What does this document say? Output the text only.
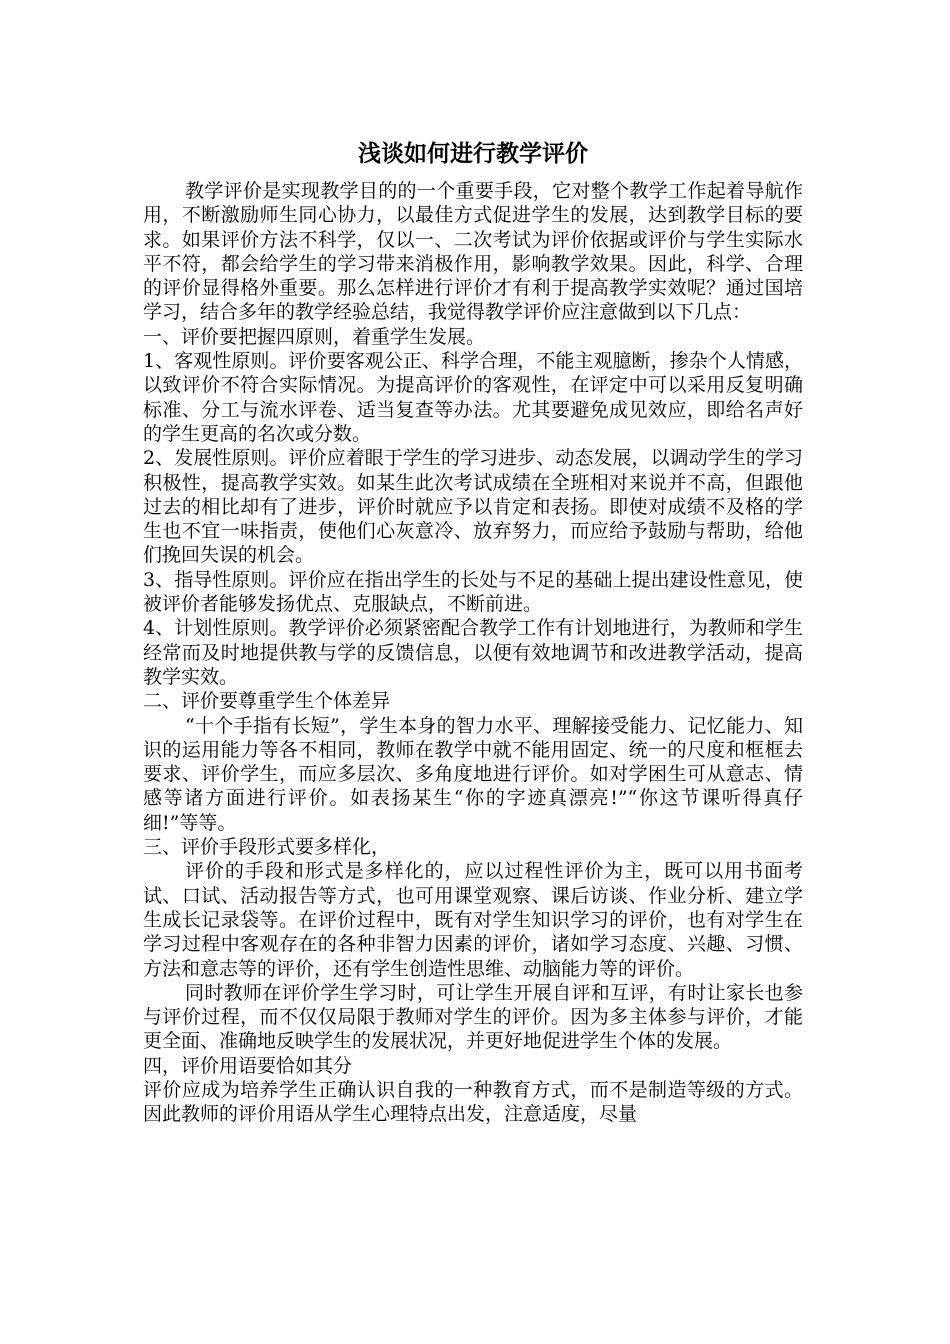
浅谈如何进行教学评价

教学评价是实现教学目的的一个重要手段，它对整个教学工作起着导航作用，不断激励师生同心协力，以最佳方式促进学生的发展，达到教学目标的要求。如果评价方法不科学，仅以一、二次考试为评价依据或评价与学生实际水平不符，都会给学生的学习带来消极作用，影响教学效果。因此，科学、合理的评价显得格外重要。那么怎样进行评价才有利于提高教学实效呢？通过国培学习，结合多年的教学经验总结，我觉得教学评价应注意做到以下几点：

一、评价要把握四原则，着重学生发展。

1、客观性原则。评价要客观公正、科学合理，不能主观臆断，掺杂个人情感，以致评价不符合实际情况。为提高评价的客观性，在评定中可以采用反复明确标准、分工与流水评卷、适当复查等办法。尤其要避免成见效应，即给名声好的学生更高的名次或分数。

2、发展性原则。评价应着眼于学生的学习进步、动态发展，以调动学生的学习积极性，提高教学实效。如某生此次考试成绩在全班相对来说并不高，但跟他过去的相比却有了进步，评价时就应予以肯定和表扬。即使对成绩不及格的学生也不宜一味指责，使他们心灰意冷、放弃努力，而应给予鼓励与帮助，给他们挽回失误的机会。

3、指导性原则。评价应在指出学生的长处与不足的基础上提出建设性意见，使被评价者能够发扬优点、克服缺点，不断前进。

4、计划性原则。教学评价必须紧密配合教学工作有计划地进行，为教师和学生经常而及时地提供教与学的反馈信息，以便有效地调节和改进教学活动，提高教学实效。

二、评价要尊重学生个体差异

“十个手指有长短”，学生本身的智力水平、理解接受能力、记忆能力、知识的运用能力等各不相同，教师在教学中就不能用固定、统一的尺度和框框去要求、评价学生，而应多层次、多角度地进行评价。如对学困生可从意志、情感等诸方面进行评价。如表扬某生“你的字迹真漂亮!”“你这节课听得真仔细!”等等。

三、评价手段形式要多样化，

评价的手段和形式是多样化的，应以过程性评价为主，既可以用书面考试、口试、活动报告等方式，也可用课堂观察、课后访谈、作业分析、建立学生成长记录袋等。在评价过程中，既有对学生知识学习的评价，也有对学生在学习过程中客观存在的各种非智力因素的评价，诸如学习态度、兴趣、习惯、方法和意志等的评价，还有学生创造性思维、动脑能力等的评价。

同时教师在评价学生学习时，可让学生开展自评和互评，有时让家长也参与评价过程，而不仅仅局限于教师对学生的评价。因为多主体参与评价，才能更全面、准确地反映学生的发展状况，并更好地促进学生个体的发展。

四，评价用语要恰如其分

评价应成为培养学生正确认识自我的一种教育方式，而不是制造等级的方式。因此教师的评价用语从学生心理特点出发，注意适度，尽量
